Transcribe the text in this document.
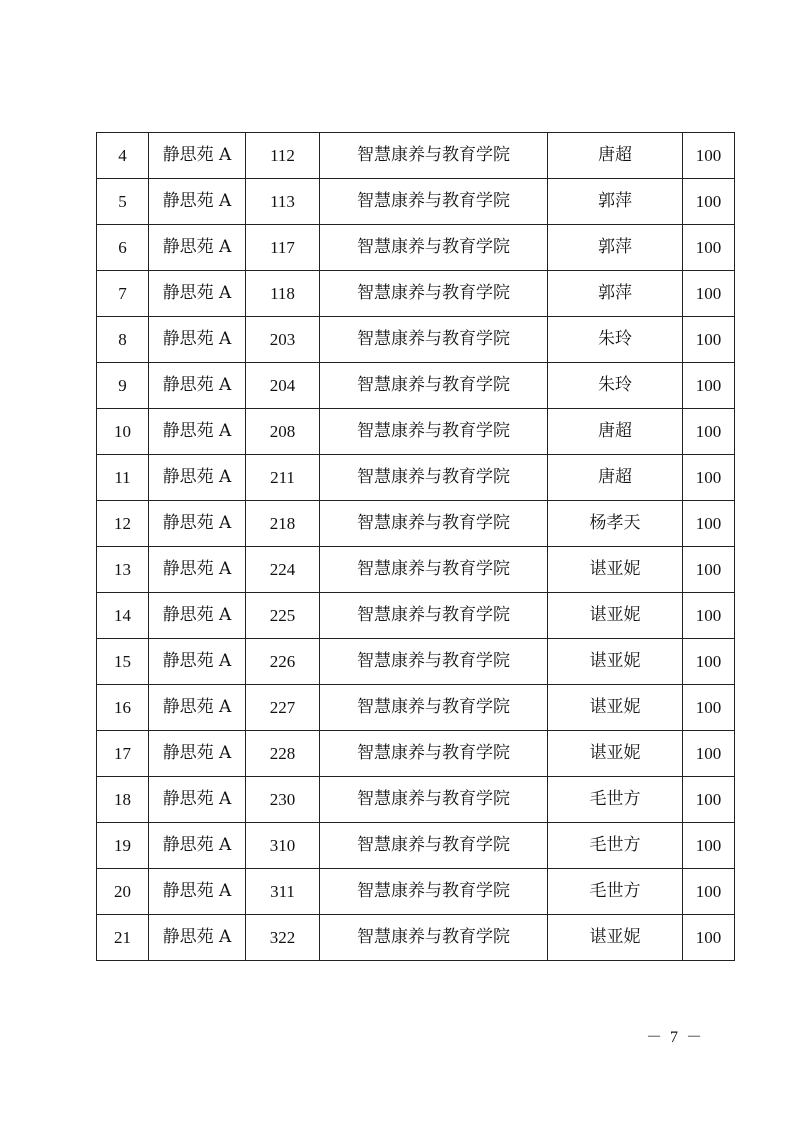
4	静思苑 A	112	智慧康养与教育学院	唐超	100
5	静思苑 A	113	智慧康养与教育学院	郭萍	100
6	静思苑 A	117	智慧康养与教育学院	郭萍	100
7	静思苑 A	118	智慧康养与教育学院	郭萍	100
8	静思苑 A	203	智慧康养与教育学院	朱玲	100
9	静思苑 A	204	智慧康养与教育学院	朱玲	100
10	静思苑 A	208	智慧康养与教育学院	唐超	100
11	静思苑 A	211	智慧康养与教育学院	唐超	100
12	静思苑 A	218	智慧康养与教育学院	杨孝天	100
13	静思苑 A	224	智慧康养与教育学院	谌亚妮	100
14	静思苑 A	225	智慧康养与教育学院	谌亚妮	100
15	静思苑 A	226	智慧康养与教育学院	谌亚妮	100
16	静思苑 A	227	智慧康养与教育学院	谌亚妮	100
17	静思苑 A	228	智慧康养与教育学院	谌亚妮	100
18	静思苑 A	230	智慧康养与教育学院	毛世方	100
19	静思苑 A	310	智慧康养与教育学院	毛世方	100
20	静思苑 A	311	智慧康养与教育学院	毛世方	100
21	静思苑 A	322	智慧康养与教育学院	谌亚妮	100
－ 7 －
